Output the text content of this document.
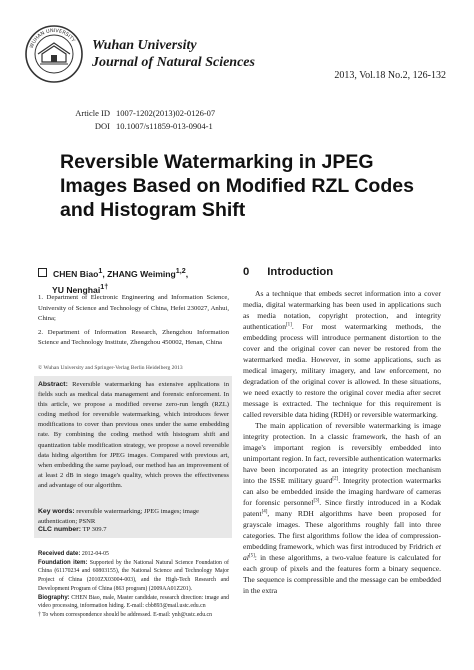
WUHAN UNIVERSITY Wuhan University
Journal of Natural Sciences
2013, Vol.18 No.2, 126-132
Article ID 1007-1202(2013)02-0126-07
DOI 10.1007/s11859-013-0904-1
Reversible Watermarking in JPEG
Images Based on Modified RZL Codes
and Histogram Shift
CHEN Biao$^1$, ZHANG Weiming$^{1,2}$,
YU Nenghai$^{1\dagger}$

1. Department of Electronic Engineering and Information Science, University of Science and Technology of China, Hefei 230027, Anhui, China;

2. Department of Information Research, Zhengzhou Information Science and Technology Institute, Zhengzhou 450002, Henan, China

© Wuhan University and Springer-Verlag Berlin Heidelberg 2013
Abstract: Reversible watermarking has extensive applications in fields such as medical data management and forensic enforcement. In this article, we propose a modified reverse zero-run length (RZL) coding method for reversible watermarking, which introduces fewer modifications to cover than previous ones under the same embedding rate. By combining the coding method with histogram shift and quantization table modification strategy, we propose a novel reversible data hiding algorithm for JPEG images. Compared with previous art, when embedding the same payload, our method has an improvement of at least 2 dB in stego image's quality, which proves the effectiveness and advantage of our algorithm.
Key words: reversible watermarking; JPEG images; image authentication; PSNR
CLC number: TP 309.7
Received date: 2012-04-05
Foundation item: Supported by the National Natural Science Foundation of China (61170234 and 60803155), the National Science and Technology Major Project of China (2010ZX03004-003), and the High-Tech Research and Development Program of China (863 program) (2009AA01Z201).
Biography: CHEN Biao, male, Master candidate, research direction: image and video processing, information hiding. E-mail: cbb893@mail.ustc.edu.cn
† To whom correspondence should be addressed. E-mail: ynh@ustc.edu.cn
0 Introduction

As a technique that embeds secret information into a cover media, digital watermarking has been used in applications such as media notation, copyright protection, and integrity authentication[1]. For most watermarking methods, the embedding process will introduce permanent distortion to the cover and the original cover can never be restored from the watermarked media. However, in some applications, such as medical imagery, military imagery, and law enforcement, no degradation of the original cover is allowed. In these situations, we need exactly to restore the original cover media after secret message is extracted. The technique for this requirement is called reversible data hiding (RDH) or reversible watermarking.

The main application of reversible watermarking is image integrity protection. In a classic framework, the hash of an image's important region is reversibly embedded into unimportant region. In fact, reversible authentication watermarks have been incorporated as an integrity protection mechanism into the ISSE military guard[2]. Integrity protection watermarks can also be embedded inside the imaging hardware of cameras for forensic personnel[3]. Since firstly introduced in a Kodak patent[4], many RDH algorithms have been proposed for grayscale images. These algorithms roughly fall into three categories. The first algorithms follow the idea of compression-embedding framework, which was first introduced by Fridrich et al[5]: in these algorithms, a two-value feature is calculated for each group of pixels and the features form a binary sequence. The sequence is compressible and the message can be embedded in the extra
